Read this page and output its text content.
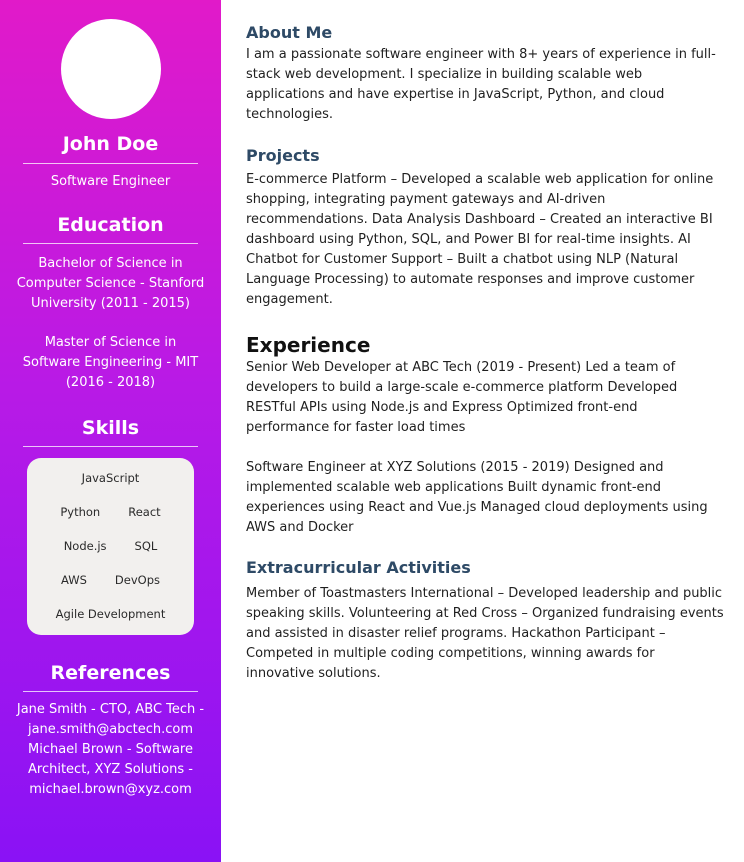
John Doe
Software Engineer
Education
Bachelor of Science in Computer Science - Stanford University (2011 - 2015)
Master of Science in Software Engineering - MIT (2016 - 2018)
Skills
JavaScript
Python React
Node.js SQL
AWS DevOps
Agile Development
References
Jane Smith - CTO, ABC Tech - jane.smith@abctech.com
Michael Brown - Software Architect, XYZ Solutions - michael.brown@xyz.com
About Me

I am a passionate software engineer with 8+ years of experience in full-stack web development. I specialize in building scalable web applications and have expertise in JavaScript, Python, and cloud technologies.

Projects

E-commerce Platform – Developed a scalable web application for online shopping, integrating payment gateways and AI-driven recommendations. Data Analysis Dashboard – Created an interactive BI dashboard using Python, SQL, and Power BI for real-time insights. AI Chatbot for Customer Support – Built a chatbot using NLP (Natural Language Processing) to automate responses and improve customer engagement.

Experience

Senior Web Developer at ABC Tech (2019 - Present) Led a team of developers to build a large-scale e-commerce platform Developed RESTful APIs using Node.js and Express Optimized front-end performance for faster load times

Software Engineer at XYZ Solutions (2015 - 2019) Designed and implemented scalable web applications Built dynamic front-end experiences using React and Vue.js Managed cloud deployments using AWS and Docker

Extracurricular Activities

Member of Toastmasters International – Developed leadership and public speaking skills. Volunteering at Red Cross – Organized fundraising events and assisted in disaster relief programs. Hackathon Participant – Competed in multiple coding competitions, winning awards for innovative solutions.
